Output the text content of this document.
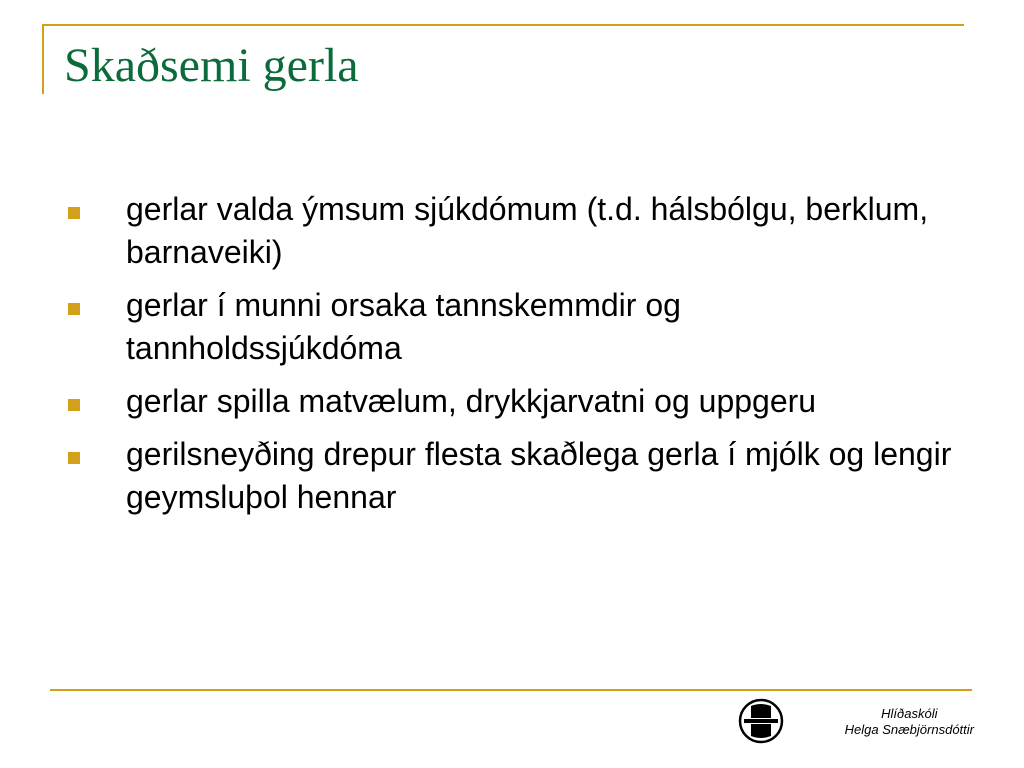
Skaðsemi gerla
gerlar valda ýmsum sjúkdómum (t.d. hálsbólgu, berklum, barnaveiki)
gerlar í munni orsaka tannskemmdir og tannholdssjúkdóma
gerlar spilla matvælum, drykkjarvatni og uppgeru
gerilsneyðing drepur flesta skaðlega gerla í mjólk og lengir geymsluþol hennar
Hlíðaskóli
Helga Snæbjörnsdóttir
